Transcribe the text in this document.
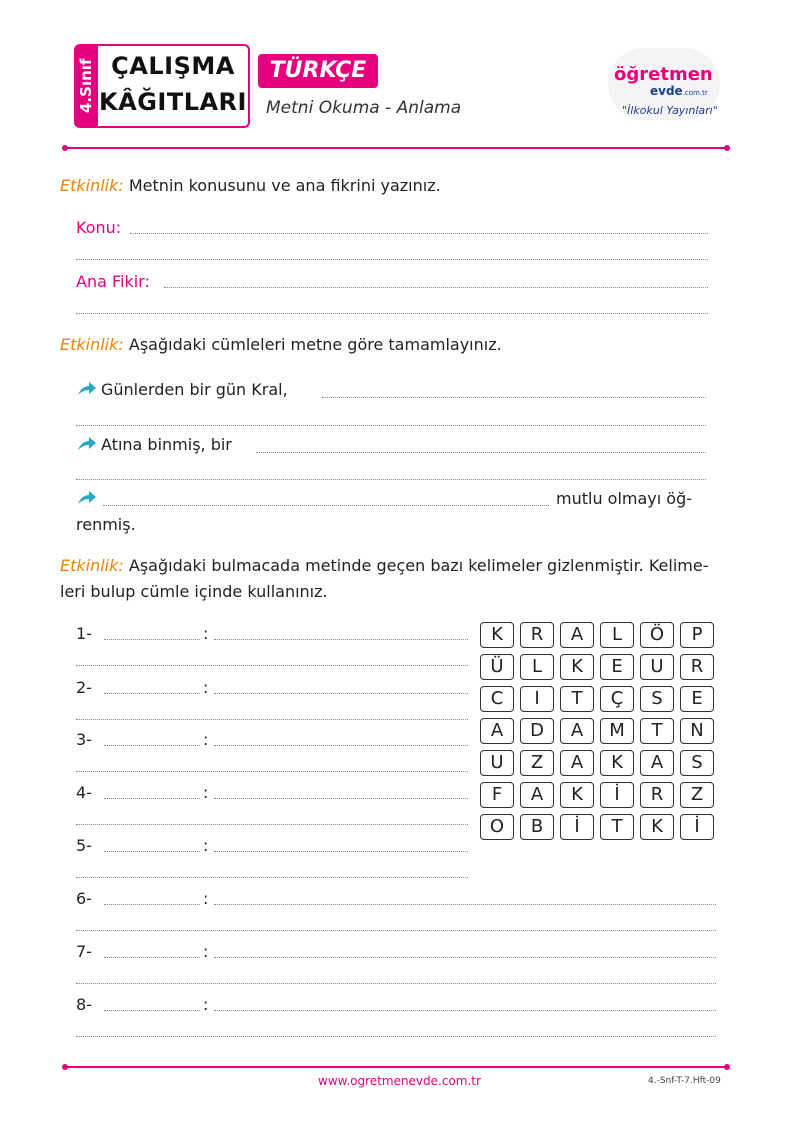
4.Sınıf ÇALIŞMA
KÂĞITLARI
TÜRKÇE
Metni Okuma - Anlama
öğretmen
evde.com.tr
"İlkokul Yayınları"
Etkinlik: Metnin konusunu ve ana fikrini yazınız.
Konu:
Ana Fikir:
Etkinlik: Aşağıdaki cümleleri metne göre tamamlayınız.
Günlerden bir gün Kral,
Atına binmiş, bir
mutlu olmayı öğ-
renmiş.
Etkinlik: Aşağıdaki bulmacada metinde geçen bazı kelimeler gizlenmiştir. Kelime-
leri bulup cümle içinde kullanınız.
1-	:
2-	:
3-	:
4-	:
5-	:
6-	:
7-	:
8-	:
K	R	A	L	Ö	P
Ü	L	K	E	U	R
C	I	T	Ç	S	E
A	D	A	M	T	N
U	Z	A	K	A	S
F	A	K	İ	R	Z
O	B	İ	T	K	İ
www.ogretmenevde.com.tr	4.-Snf-T-7.Hft-09
